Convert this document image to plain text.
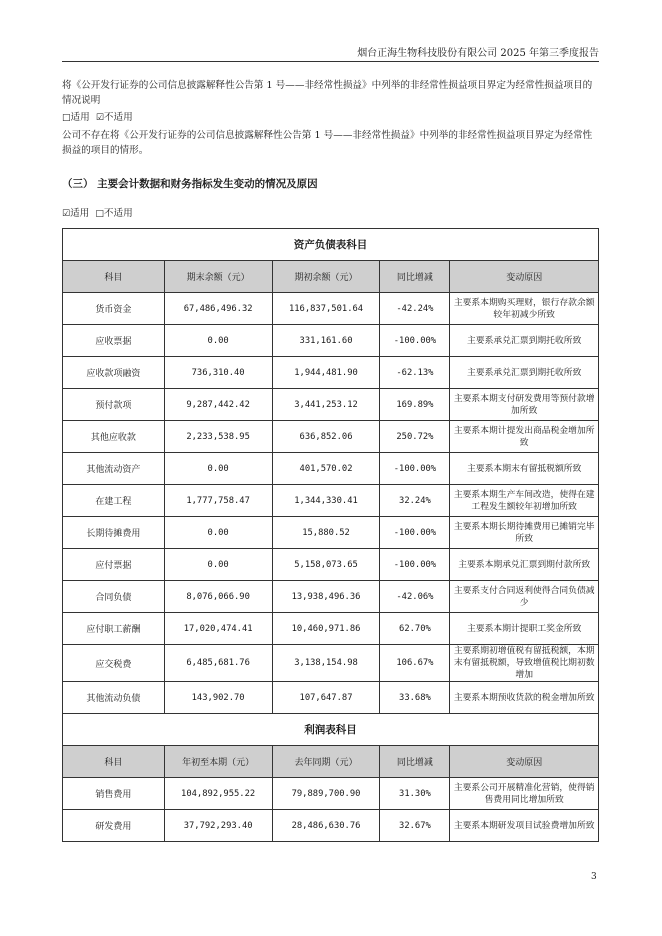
烟台正海生物科技股份有限公司 2025 年第三季度报告
将《公开发行证券的公司信息披露解释性公告第 1 号——非经常性损益》中列举的非经常性损益项目界定为经常性损益项目的情况说明
□适用 ☑不适用
公司不存在将《公开发行证券的公司信息披露解释性公告第 1 号——非经常性损益》中列举的非经常性损益项目界定为经常性损益的项目的情形。
（三） 主要会计数据和财务指标发生变动的情况及原因
☑适用 □不适用
资产负债表科目				
科目	期末余额（元）	期初余额（元）	同比增减	变动原因
货币资金	67,486,496.32	116,837,501.64	-42.24%	主要系本期购买理财，银行存款余额较年初减少所致
应收票据	0.00	331,161.60	-100.00%	主要系承兑汇票到期托收所致
应收款项融资	736,310.40	1,944,481.90	-62.13%	主要系承兑汇票到期托收所致
预付款项	9,287,442.42	3,441,253.12	169.89%	主要系本期支付研发费用等预付款增加所致
其他应收款	2,233,538.95	636,852.06	250.72%	主要系本期计提发出商品税金增加所致
其他流动资产	0.00	401,570.02	-100.00%	主要系本期末有留抵税额所致
在建工程	1,777,758.47	1,344,330.41	32.24%	主要系本期生产车间改造，使得在建工程发生额较年初增加所致
长期待摊费用	0.00	15,880.52	-100.00%	主要系本期长期待摊费用已摊销完毕所致
应付票据	0.00	5,158,073.65	-100.00%	主要系本期承兑汇票到期付款所致
合同负债	8,076,066.90	13,938,496.36	-42.06%	主要系支付合同返利使得合同负债减少
应付职工薪酬	17,020,474.41	10,460,971.86	62.70%	主要系本期计提职工奖金所致
应交税费	6,485,681.76	3,138,154.98	106.67%	主要系期初增值税有留抵税额，本期末有留抵税额，导致增值税比期初数增加
其他流动负债	143,902.70	107,647.87	33.68%	主要系本期预收货款的税金增加所致
利润表科目				
科目	年初至本期（元）	去年同期（元）	同比增减	变动原因
销售费用	104,892,955.22	79,889,700.90	31.30%	主要系公司开展精准化营销，使得销售费用同比增加所致
研发费用	37,792,293.40	28,486,630.76	32.67%	主要系本期研发项目试验费增加所致
3
